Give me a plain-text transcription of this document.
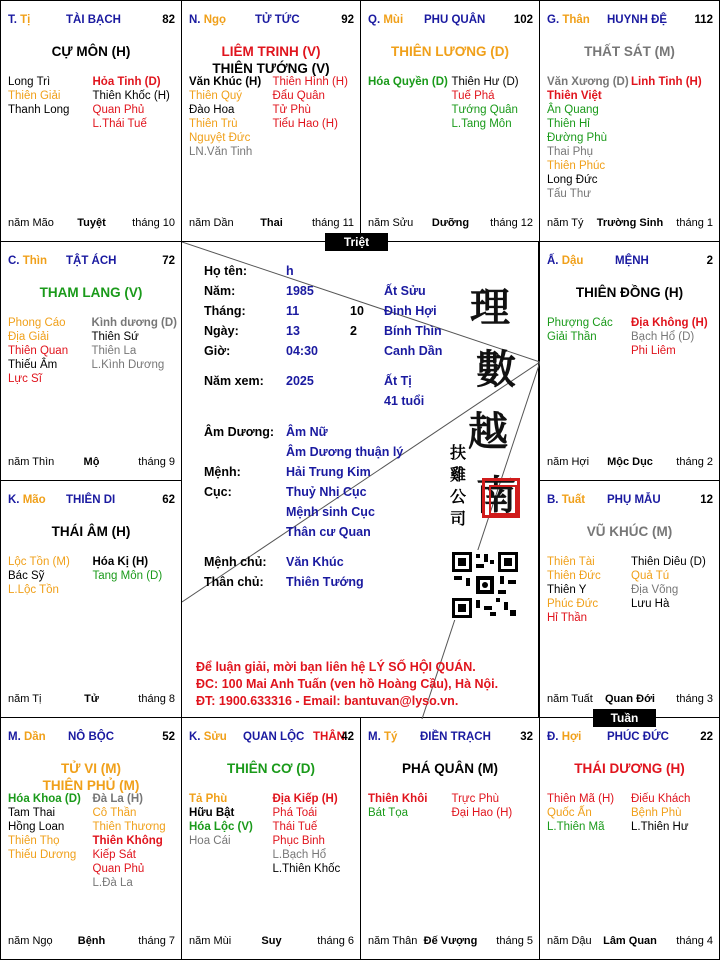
T. Tị	TÀI BẠCH	82
CỰ MÔN (H)
Long Trì
Thiên Giải
Thanh Long
Hỏa Tinh (D)
Thiên Khốc (H)
Quan Phủ
L.Thái Tuế
năm Mão	Tuyệt	tháng 10
N. Ngọ	TỬ TỨC	92
LIÊM TRINH (V)
THIÊN TƯỚNG (V)
Văn Khúc (H)
Thiên Quý
Đào Hoa
Thiên Trù
Nguyệt Đức
LN.Văn Tinh
Thiên Hình (H)
Đẩu Quân
Tử Phù
Tiểu Hao (H)
năm Dần	Thai	tháng 11
Q. Mùi PHU QUÂN 102
THIÊN LƯƠNG (D)
Hóa Quyền (D) Thiên Hư (D)
Tuế Phá
Tướng Quân
L.Tang Môn
năm Sửu	Dưỡng	tháng 12
G. Thân HUYNH ĐỆ 112
THẤT SÁT (M)
Văn Xương (D)
Thiên Việt
Ân Quang
Thiên Hỉ
Đường Phù
Thai Phụ
Thiên Phúc
Long Đức
Tấu Thư
Linh Tinh (H)
năm Tý	Trường Sinh	tháng 1
C. Thìn TẬT ÁCH	72
THAM LANG (V)
Phong Cáo
Địa Giải
Thiên Quan
Thiếu Âm
Lực Sĩ
Kình dương (D)
Thiên Sứ
Thiên La
L.Kình Dương
năm Thìn	Mộ	tháng 9
Ấ. Dậu	MỆNH	2
THIÊN ĐỒNG (H)
Phượng Các
Giải Thần
Địa Không (H)
Bạch Hổ (D)
Phi Liêm
năm Hợi	Mộc Dục	tháng 2
K. Mão THIÊN DI	62
THÁI ÂM (H)
Lộc Tồn (M)
Bác Sỹ
L.Lộc Tồn
Hóa Kị (H)
Tang Môn (D)
năm Tị	Tử	tháng 8
B. Tuất PHỤ MẪU	12
VŨ KHÚC (M)
Thiên Tài
Thiên Đức
Thiên Y
Phúc Đức
Hỉ Thần
Thiên Diêu (D)
Quả Tú
Địa Võng
Lưu Hà
năm Tuất	Quan Đới	tháng 3
M. Dần NÔ BỘC	52
TỬ VI (M)
THIÊN PHỦ (M)
Hóa Khoa (D)
Tam Thai
Hồng Loan
Thiên Thọ
Thiếu Dương
Đà La (H)
Cô Thần
Thiên Thương
Thiên Không
Kiếp Sát
Quan Phủ
L.Đà La
năm Ngọ	Bệnh	tháng 7
K. Sửu QUAN LỘC THÂN
42
THIÊN CƠ (D)
Tả Phù
Hữu Bật
Hóa Lộc (V)
Hoa Cái
Địa Kiếp (H)
Phá Toái
Thái Tuế
Phục Binh
L.Bạch Hổ
L.Thiên Khốc
năm Mùi	Suy	tháng 6
M. Tý ĐIỀN TRẠCH	32
PHÁ QUÂN (M)
Thiên Khôi
Bát Tọa
Trực Phù
Đại Hao (H)
năm Thân Đế Vượng	tháng 5
Đ. Hợi PHÚC ĐỨC	22
THÁI DƯƠNG (H)
Thiên Mã (H)
Quốc Ấn
L.Thiên Mã
Điếu Khách
Bệnh Phù
L.Thiên Hư
năm Dậu	Lâm Quan	tháng 4
Họ tên:	h
Năm:	1985	Ất Sửu
Tháng:	11	10 Đinh Hợi
Ngày:	13	2 Bính Thìn
Giờ:	04:30	Canh Dần
Năm xem: 2025	Ất Tị
41 tuổi
Âm Dương: Âm Nữ
Âm Dương thuận lý
Mệnh:	Hải Trung Kim
Cục:	Thuỷ Nhị Cục
Mệnh sinh Cục
Thân cư Quan
Mệnh chủ: Văn Khúc
Thân chủ: Thiên Tướng
理
數
越
南
扶
雞
公
司
Để luận giải, mời bạn liên hệ LÝ SỐ HỘI QUÁN.
ĐC: 100 Mai Anh Tuấn (ven hồ Hoàng Cầu), Hà Nội.
ĐT: 1900.633316 - Email: bantuvan@lyso.vn.
Triệt
Tuần
